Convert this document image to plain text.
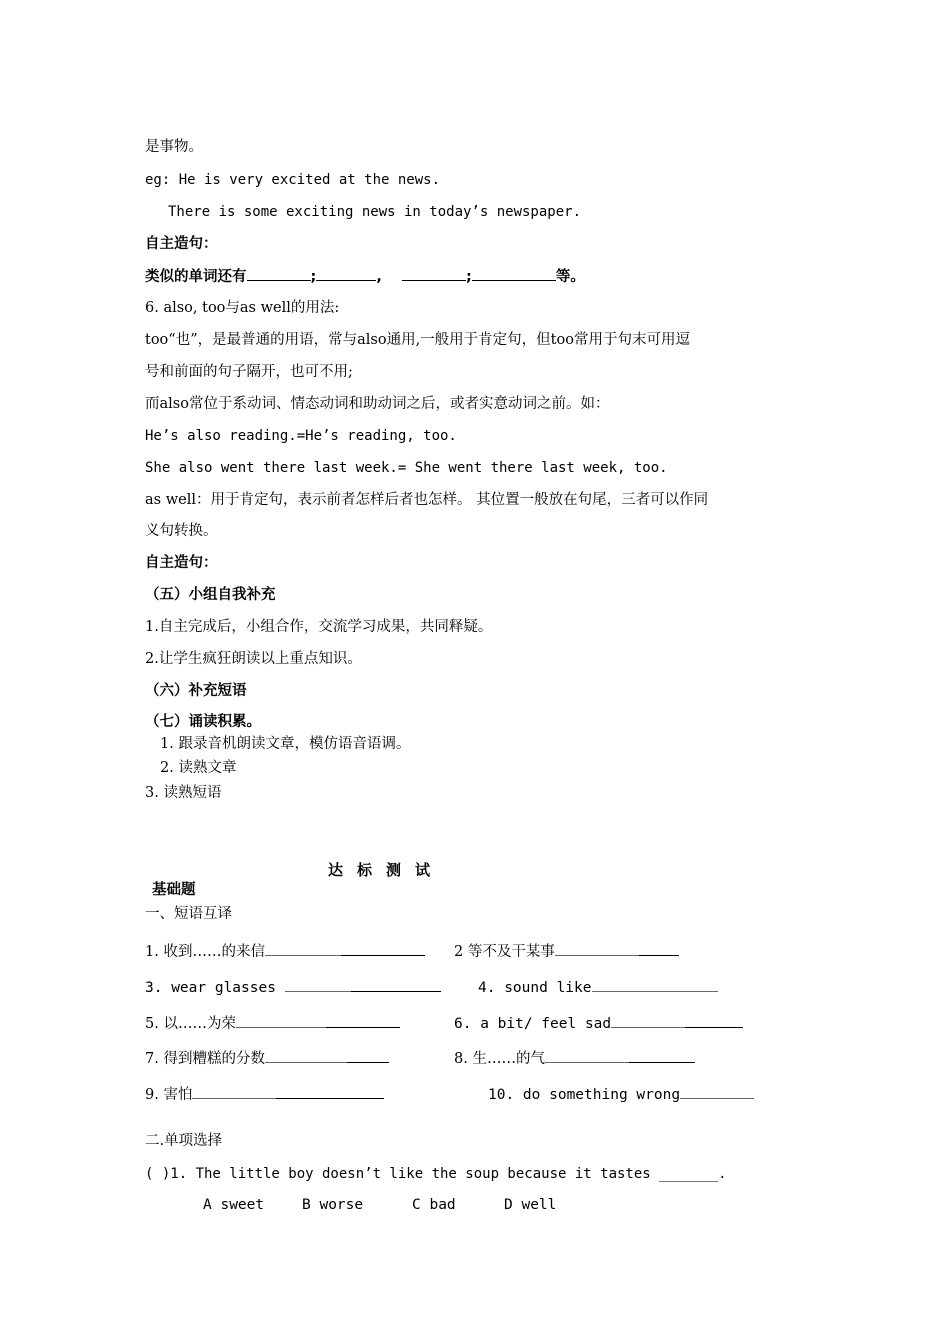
是事物。
eg: He is very excited at the news.
There is some exciting news in today’s newspaper.
自主造句：
类似的单词还有	;	,	;	等。
6. also, too与as well的用法:
too“也”，是最普通的用语，常与also通用,一般用于肯定句，但too常用于句末可用逗
号和前面的句子隔开，也可不用;
而also常位于系动词、情态动词和助动词之后，或者实意动词之前。如：
He’s also reading.=He’s reading, too.
She also went there last week.= She went there last week, too.
as well：用于肯定句，表示前者怎样后者也怎样。 其位置一般放在句尾，三者可以作同
义句转换。
自主造句：
（五）小组自我补充
1.自主完成后，小组合作，交流学习成果，共同释疑。
2.让学生疯狂朗读以上重点知识。
（六）补充短语
（七）诵读积累。
1. 跟录音机朗读文章，模仿语音语调。
2. 读熟文章
3. 读熟短语
达标测试
基础题
一、短语互译
1. 收到……的来信	2 等不及干某事
3. wear glasses	4. sound like
5. 以……为荣	6. a bit/ feel sad
7. 得到糟糕的分数	8. 生……的气
9. 害怕	10. do something wrong
二.单项选择
( )1. The little boy doesn’t like the soup because it tastes _______.
A sweet	B worse	C bad	D well
